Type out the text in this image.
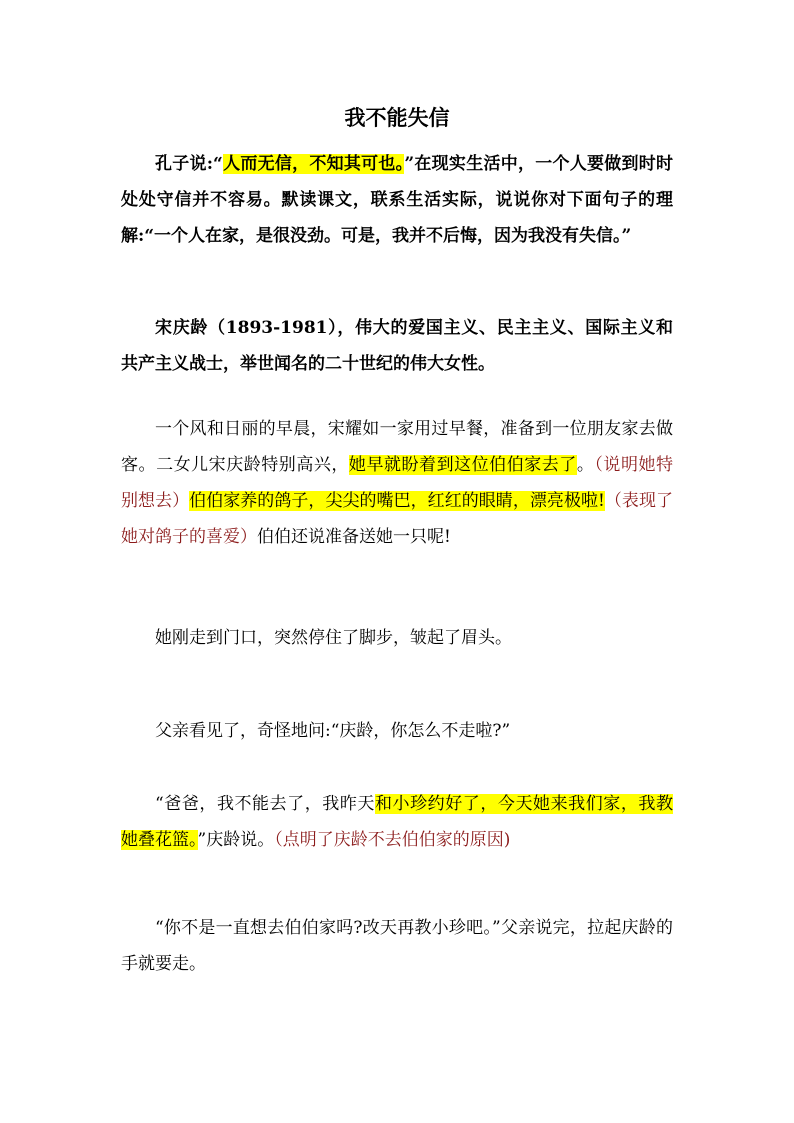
我不能失信

孔子说:“人而无信，不知其可也。”在现实生活中，一个人要做到时时处处守信并不容易。默读课文，联系生活实际，说说你对下面句子的理解:“一个人在家，是很没劲。可是，我并不后悔，因为我没有失信。”

宋庆龄（1893-1981），伟大的爱国主义、民主主义、国际主义和共产主义战士，举世闻名的二十世纪的伟大女性。

一个风和日丽的早晨，宋耀如一家用过早餐，准备到一位朋友家去做客。二女儿宋庆龄特别高兴，她早就盼着到这位伯伯家去了。（说明她特别想去）伯伯家养的鸽子，尖尖的嘴巴，红红的眼睛，漂亮极啦!（表现了她对鸽子的喜爱）伯伯还说准备送她一只呢!

她刚走到门口，突然停住了脚步，皱起了眉头。

父亲看见了，奇怪地问:“庆龄，你怎么不走啦?”

“爸爸，我不能去了，我昨天和小珍约好了，今天她来我们家，我教她叠花篮。”庆龄说。（点明了庆龄不去伯伯家的原因)

“你不是一直想去伯伯家吗?改天再教小珍吧。”父亲说完，拉起庆龄的手就要走。
